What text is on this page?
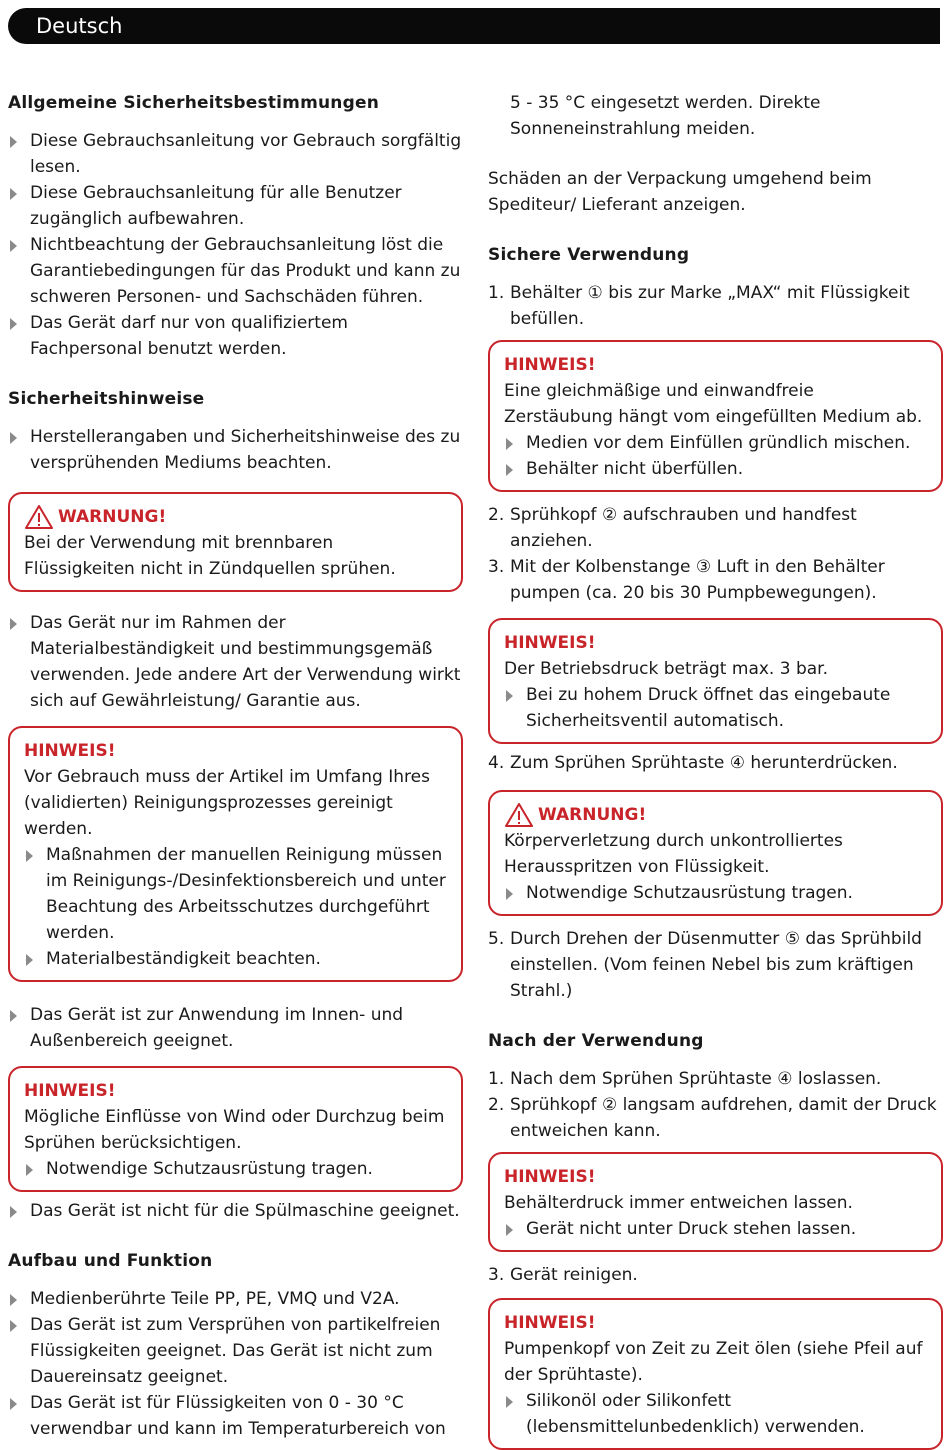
Deutsch
Allgemeine Sicherheitsbestimmungen
Diese Gebrauchsanleitung vor Gebrauch sorgfältig lesen.
Diese Gebrauchsanleitung für alle Benutzer zugänglich aufbewahren.
Nichtbeachtung der Gebrauchsanleitung löst die Garantiebedingungen für das Produkt und kann zu schweren Personen- und Sachschäden führen.
Das Gerät darf nur von qualifiziertem Fachpersonal benutzt werden.
Sicherheitshinweise
Herstellerangaben und Sicherheitshinweise des zu versprühenden Mediums beachten.
WARNUNG!
Bei der Verwendung mit brennbaren Flüssigkeiten nicht in Zündquellen sprühen.
Das Gerät nur im Rahmen der Materialbeständigkeit und bestimmungsgemäß verwenden. Jede andere Art der Verwendung wirkt sich auf Gewährleistung/ Garantie aus.
HINWEIS!
Vor Gebrauch muss der Artikel im Umfang Ihres (validierten) Reinigungsprozesses gereinigt werden.
Maßnahmen der manuellen Reinigung müssen im Reinigungs-/Desinfektionsbereich und unter Beachtung des Arbeitsschutzes durchgeführt werden.
Materialbeständigkeit beachten.
Das Gerät ist zur Anwendung im Innen- und Außenbereich geeignet.
HINWEIS!
Mögliche Einflüsse von Wind oder Durchzug beim Sprühen berücksichtigen.
Notwendige Schutzausrüstung tragen.
Das Gerät ist nicht für die Spülmaschine geeignet.
Aufbau und Funktion
Medienberührte Teile PP, PE, VMQ und V2A.
Das Gerät ist zum Versprühen von partikelfreien Flüssigkeiten geeignet. Das Gerät ist nicht zum Dauereinsatz geeignet.
Das Gerät ist für Flüssigkeiten von 0 - 30 °C verwendbar und kann im Temperaturbereich von

5 - 35 °C eingesetzt werden. Direkte Sonneneinstrahlung meiden.

Schäden an der Verpackung umgehend beim Spediteur/ Lieferant anzeigen.

Sichere Verwendung
1. Behälter ① bis zur Marke „MAX“ mit Flüssigkeit befüllen.
HINWEIS!
Eine gleichmäßige und einwandfreie Zerstäubung hängt vom eingefüllten Medium ab.
Medien vor dem Einfüllen gründlich mischen.
Behälter nicht überfüllen.
2. Sprühkopf ② aufschrauben und handfest anziehen.
3. Mit der Kolbenstange ③ Luft in den Behälter pumpen (ca. 20 bis 30 Pumpbewegungen).
HINWEIS!
Der Betriebsdruck beträgt max. 3 bar.
Bei zu hohem Druck öffnet das eingebaute Sicherheitsventil automatisch.
4. Zum Sprühen Sprühtaste ④ herunterdrücken.
WARNUNG!
Körperverletzung durch unkontrolliertes Herausspritzen von Flüssigkeit.
Notwendige Schutzausrüstung tragen.
5. Durch Drehen der Düsenmutter ⑤ das Sprühbild einstellen. (Vom feinen Nebel bis zum kräftigen Strahl.)
Nach der Verwendung
1. Nach dem Sprühen Sprühtaste ④ loslassen.
2. Sprühkopf ② langsam aufdrehen, damit der Druck entweichen kann.
HINWEIS!
Behälterdruck immer entweichen lassen.
Gerät nicht unter Druck stehen lassen.
3. Gerät reinigen.
HINWEIS!
Pumpenkopf von Zeit zu Zeit ölen (siehe Pfeil auf der Sprühtaste).
Silikonöl oder Silikonfett (lebensmittelunbedenklich) verwenden.
